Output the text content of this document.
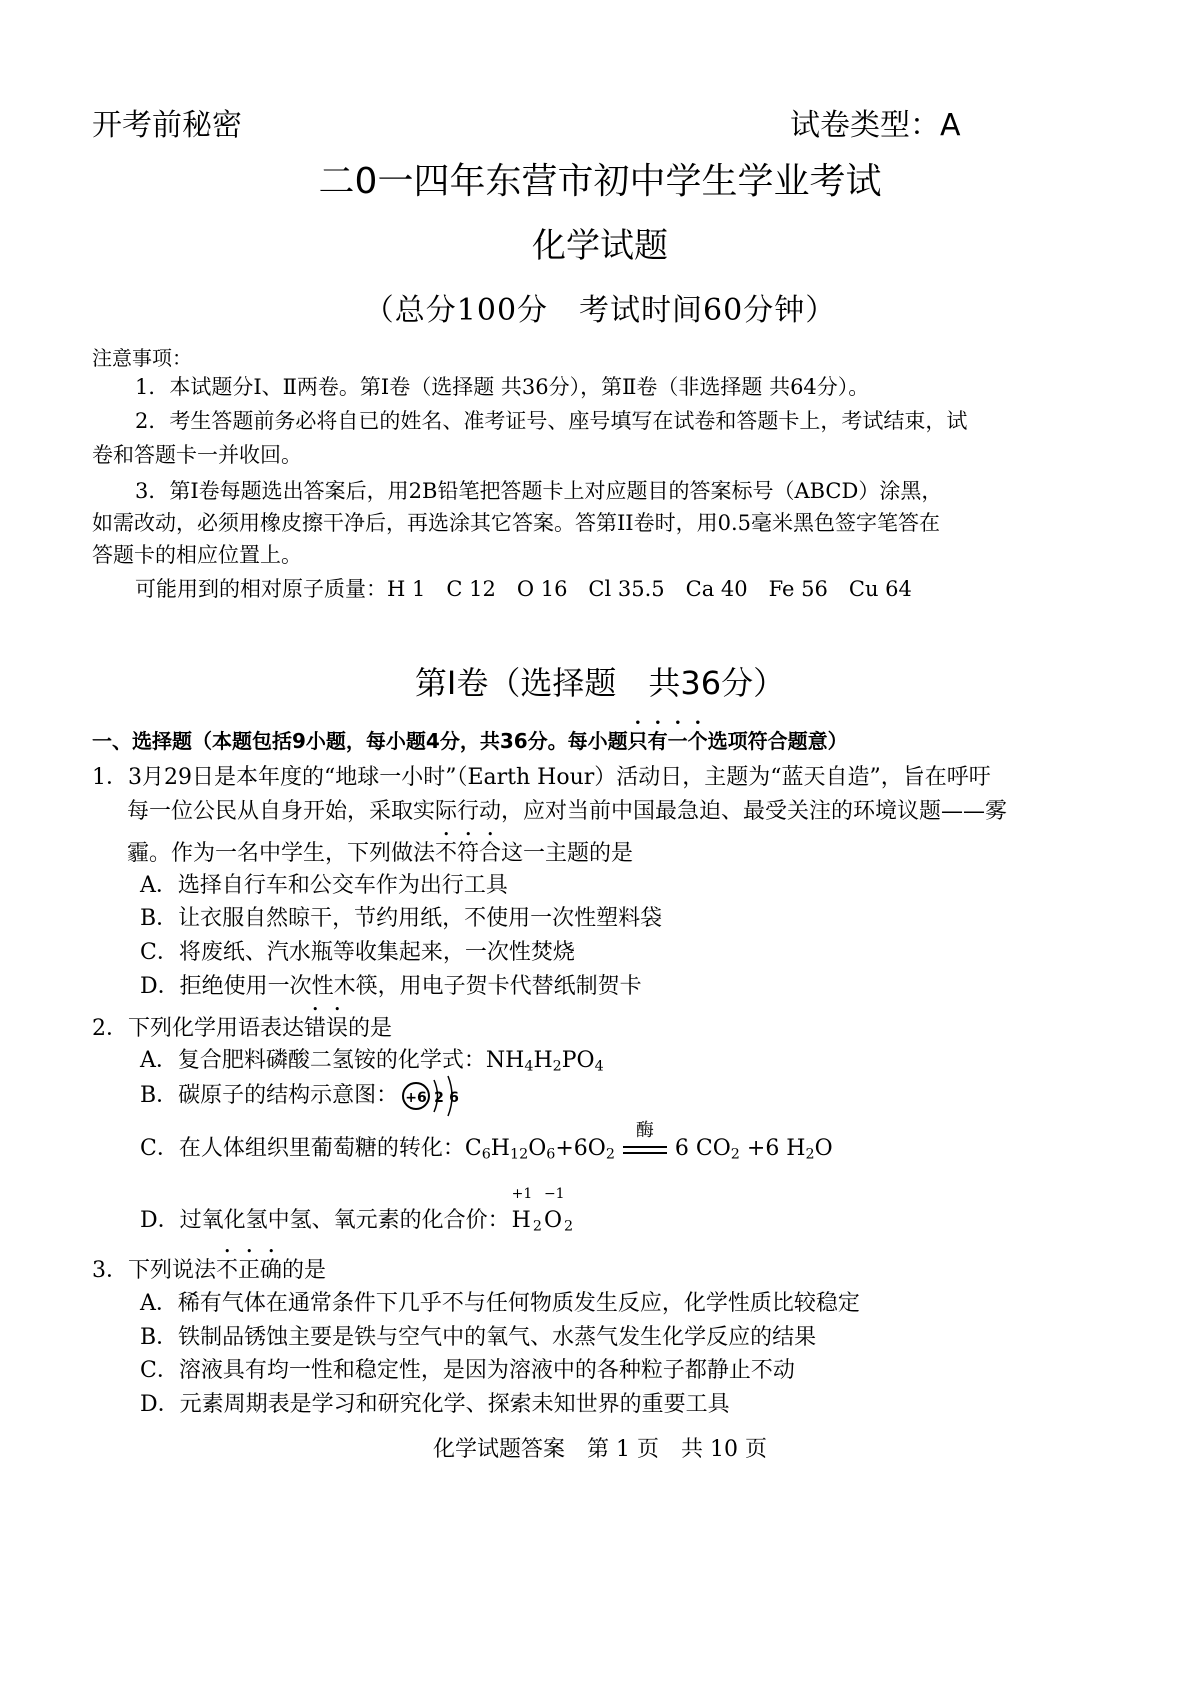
开考前秘密	试卷类型：A
二0一四年东营市初中学生学业考试
化学试题
（总分100分　考试时间60分钟）
注意事项：
1．本试题分Ⅰ、Ⅱ两卷。第I卷（选择题 共36分），第Ⅱ卷（非选择题 共64分）。
2．考生答题前务必将自已的姓名、准考证号、座号填写在试卷和答题卡上，考试结束，试
卷和答题卡一并收回。
3．第I卷每题选出答案后，用2B铅笔把答题卡上对应题目的答案标号（ABCD）涂黑，
如需改动，必须用橡皮擦干净后，再选涂其它答案。答第II卷时，用0.5毫米黑色签字笔答在
答题卡的相应位置上。
可能用到的相对原子质量：H 1　C 12　O 16　Cl 35.5　Ca 40　Fe 56　Cu 64
第I卷（选择题　共36分）
一、选择题（本题包括9小题，每小题4分，共36分。每小题只有一个选项符合题意）
1．3月29日是本年度的“地球一小时”（Earth Hour）活动日，主题为“蓝天自造”，旨在呼吁
每一位公民从自身开始，采取实际行动，应对当前中国最急迫、最受关注的环境议题——雾
霾。作为一名中学生，下列做法不符合这一主题的是
A．选择自行车和公交车作为出行工具
B．让衣服自然晾干，节约用纸，不使用一次性塑料袋
C．将废纸、汽水瓶等收集起来，一次性焚烧
D．拒绝使用一次性木筷，用电子贺卡代替纸制贺卡
2．下列化学用语表达错误的是
A．复合肥料磷酸二氢铵的化学式：$NH_4H_2PO_4$
B．碳原子的结构示意图： +6 2 6
C．在人体组织里葡萄糖的转化：$C_6H_{12}O_6+6O_2$
酶
6 $CO_2 +6$ $H_2O$
D．过氧化氢中氢、氧元素的化合价：
+1
H $_2$
−1
O $_2$
3．下列说法不正确的是
A．稀有气体在通常条件下几乎不与任何物质发生反应，化学性质比较稳定
B．铁制品锈蚀主要是铁与空气中的氧气、水蒸气发生化学反应的结果
C．溶液具有均一性和稳定性，是因为溶液中的各种粒子都静止不动
D．元素周期表是学习和研究化学、探索未知世界的重要工具
化学试题答案　第 1 页　共 10 页
